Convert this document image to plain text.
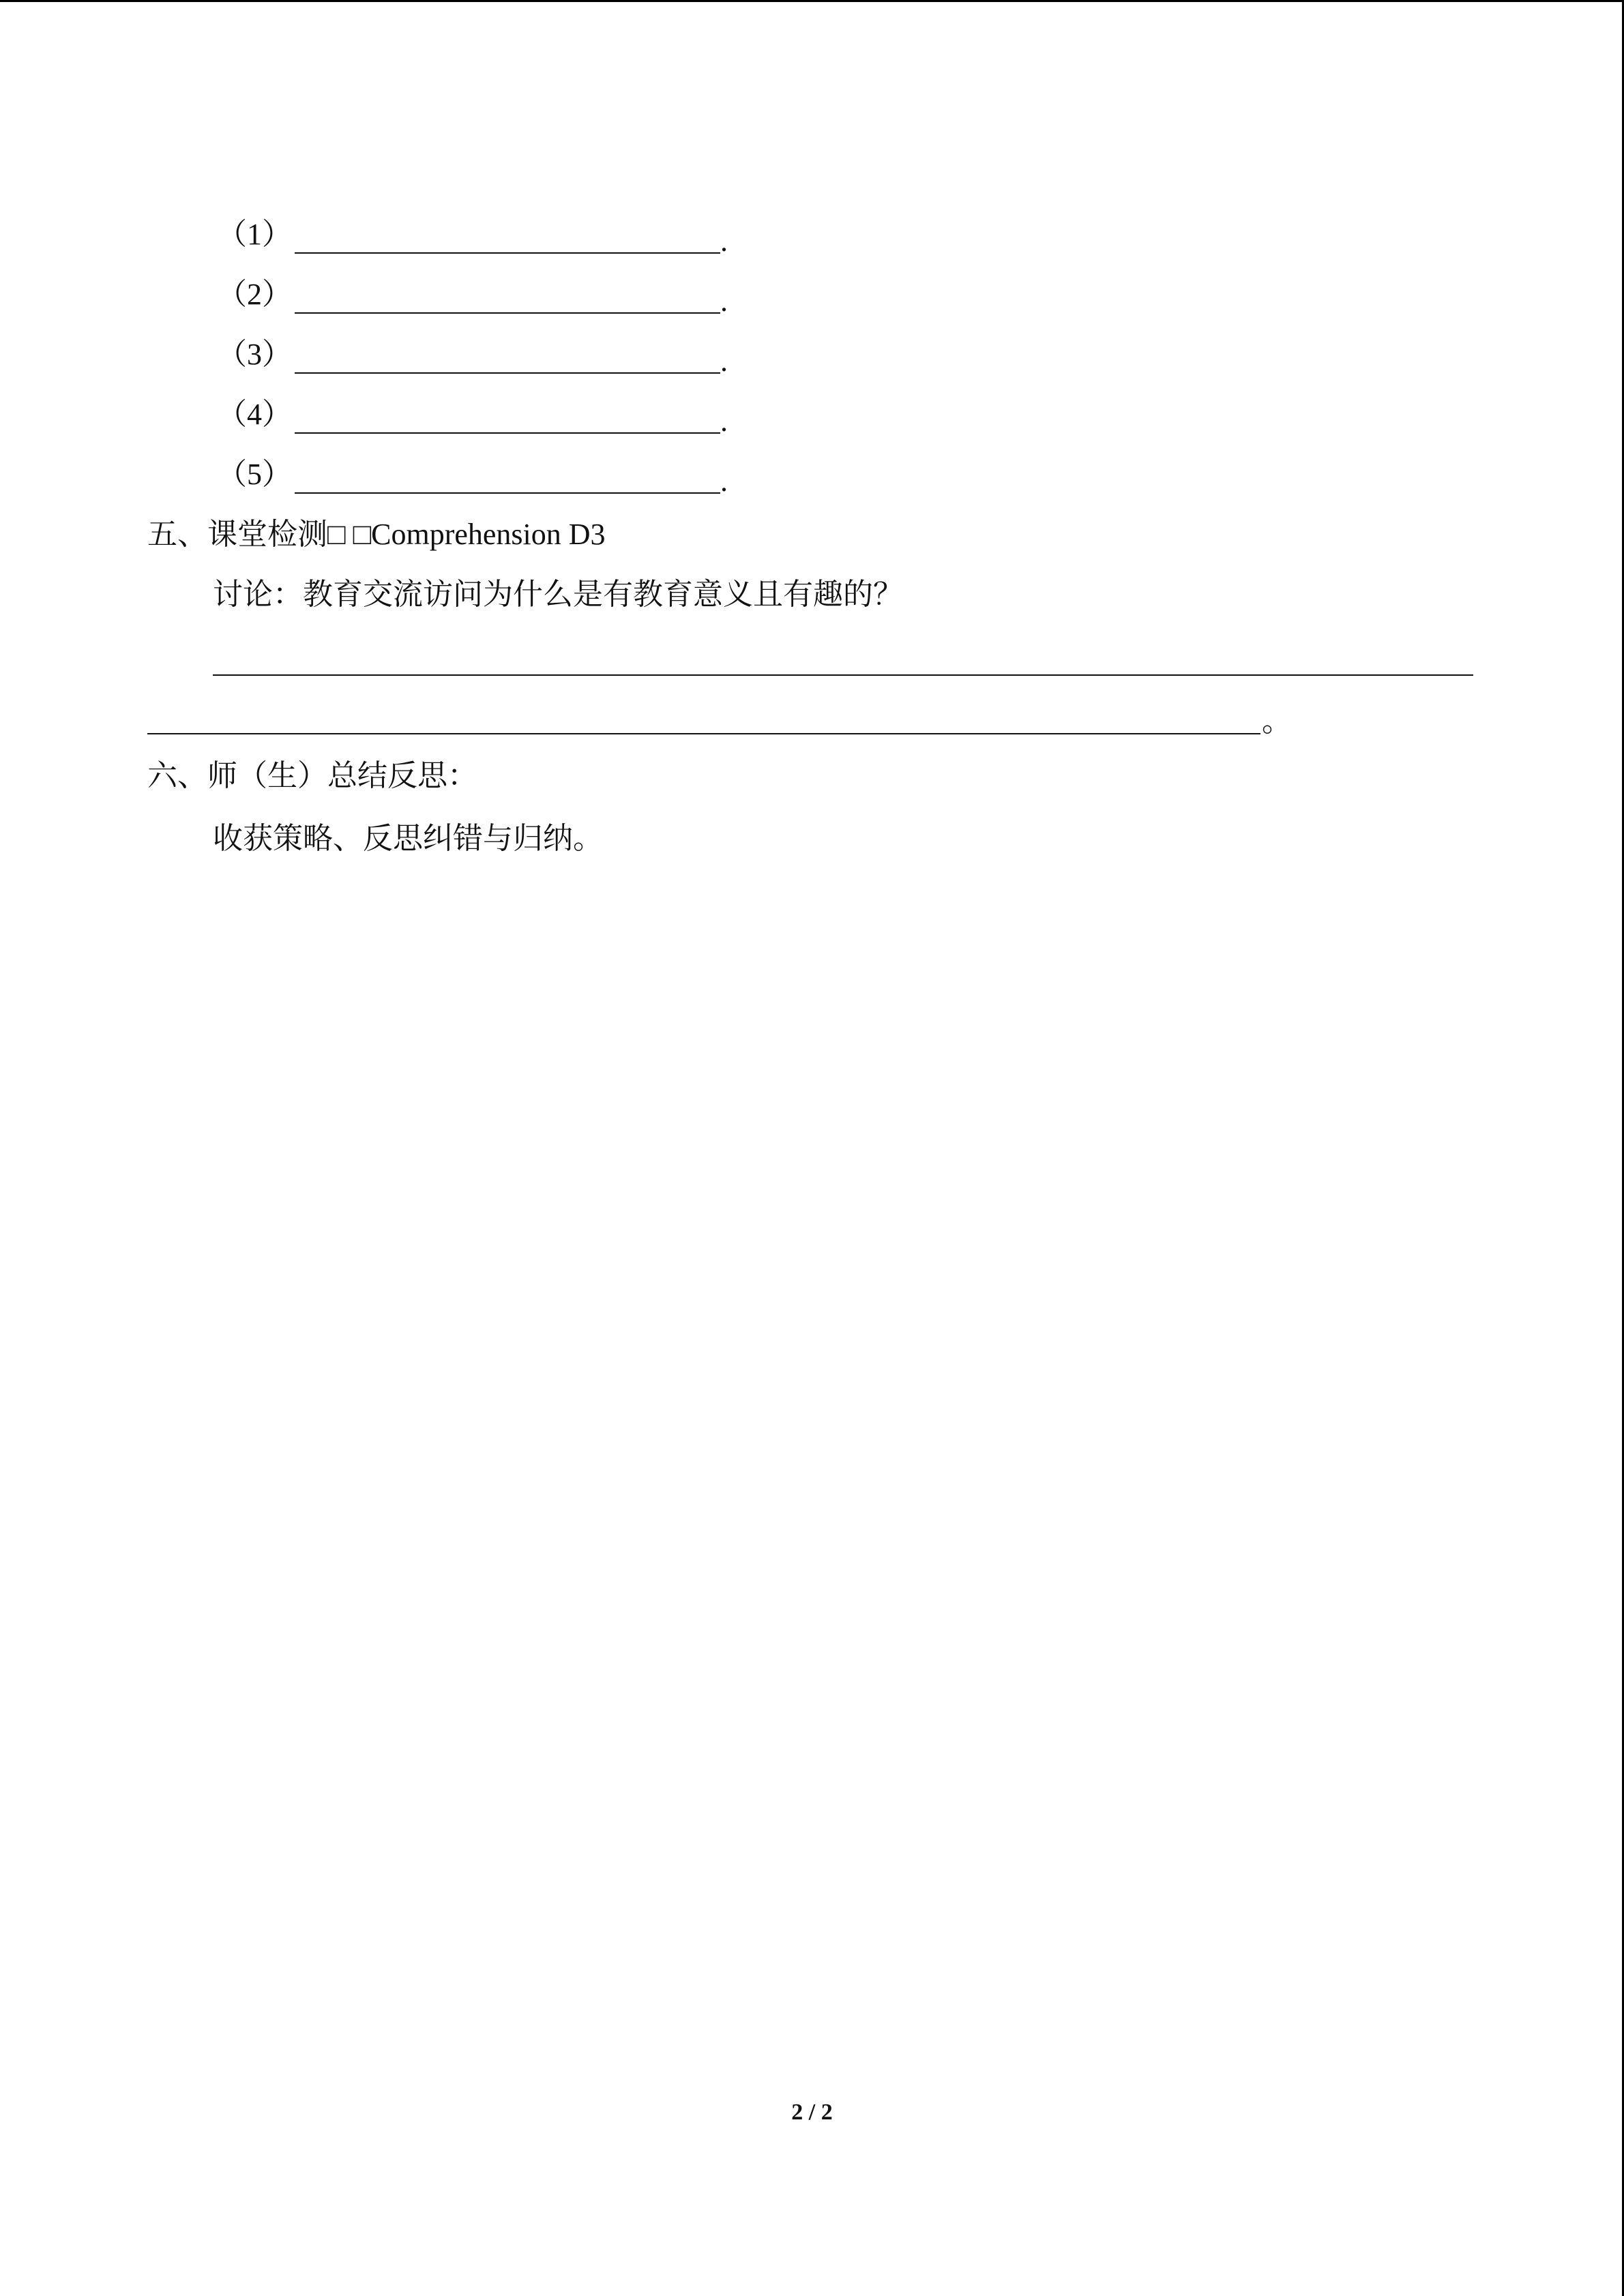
（1）	.
（2）	.
（3）	.
（4）	.
（5）	.
五、课堂检测□ □Comprehension D3
讨论：教育交流访问为什么是有教育意义且有趣的？
。
六、师（生）总结反思：
收获策略、反思纠错与归纳。
2 / 2
